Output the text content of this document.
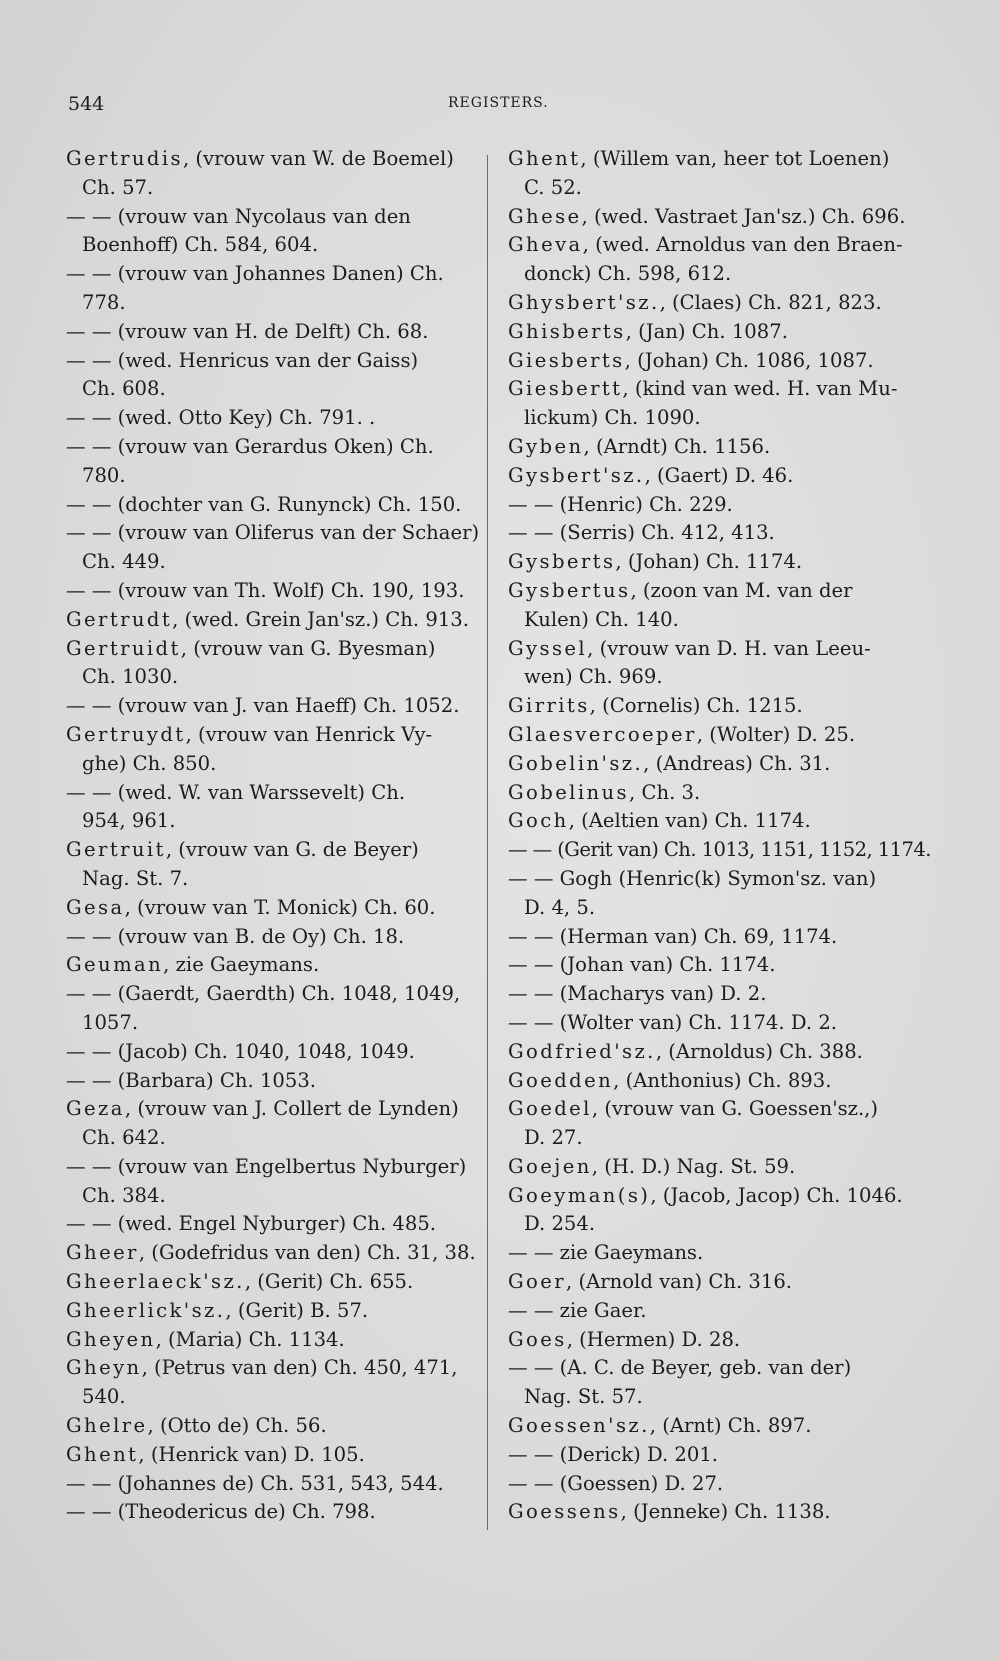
544	REGISTERS.
Gertrudis, (vrouw van W. de Boemel)
Ch. 57.
— — (vrouw van Nycolaus van den
Boenhoff) Ch. 584, 604.
— — (vrouw van Johannes Danen) Ch.
778.
— — (vrouw van H. de Delft) Ch. 68.
— — (wed. Henricus van der Gaiss)
Ch. 608.
— — (wed. Otto Key) Ch. 791. .
— — (vrouw van Gerardus Oken) Ch.
780.
— — (dochter van G. Runynck) Ch. 150.
— — (vrouw van Oliferus van der Schaer)
Ch. 449.
— — (vrouw van Th. Wolf) Ch. 190, 193.
Gertrudt, (wed. Grein Jan'sz.) Ch. 913.
Gertruidt, (vrouw van G. Byesman)
Ch. 1030.
— — (vrouw van J. van Haeff) Ch. 1052.
Gertruydt, (vrouw van Henrick Vy-
ghe) Ch. 850.
— — (wed. W. van Warssevelt) Ch.
954, 961.
Gertruit, (vrouw van G. de Beyer)
Nag. St. 7.
Gesa, (vrouw van T. Monick) Ch. 60.
— — (vrouw van B. de Oy) Ch. 18.
Geuman, zie Gaeymans.
— — (Gaerdt, Gaerdth) Ch. 1048, 1049,
1057.
— — (Jacob) Ch. 1040, 1048, 1049.
— — (Barbara) Ch. 1053.
Geza, (vrouw van J. Collert de Lynden)
Ch. 642.
— — (vrouw van Engelbertus Nyburger)
Ch. 384.
— — (wed. Engel Nyburger) Ch. 485.
Gheer, (Godefridus van den) Ch. 31, 38.
Gheerlaeck'sz., (Gerit) Ch. 655.
Gheerlick'sz., (Gerit) B. 57.
Gheyen, (Maria) Ch. 1134.
Gheyn, (Petrus van den) Ch. 450, 471,
540.
Ghelre, (Otto de) Ch. 56.
Ghent, (Henrick van) D. 105.
— — (Johannes de) Ch. 531, 543, 544.
— — (Theodericus de) Ch. 798.
Ghent, (Willem van, heer tot Loenen)
C. 52.
Ghese, (wed. Vastraet Jan'sz.) Ch. 696.
Gheva, (wed. Arnoldus van den Braen-
donck) Ch. 598, 612.
Ghysbert'sz., (Claes) Ch. 821, 823.
Ghisberts, (Jan) Ch. 1087.
Giesberts, (Johan) Ch. 1086, 1087.
Giesbertt, (kind van wed. H. van Mu-
lickum) Ch. 1090.
Gyben, (Arndt) Ch. 1156.
Gysbert'sz., (Gaert) D. 46.
— — (Henric) Ch. 229.
— — (Serris) Ch. 412, 413.
Gysberts, (Johan) Ch. 1174.
Gysbertus, (zoon van M. van der
Kulen) Ch. 140.
Gyssel, (vrouw van D. H. van Leeu-
wen) Ch. 969.
Girrits, (Cornelis) Ch. 1215.
Glaesvercoeper, (Wolter) D. 25.
Gobelin'sz., (Andreas) Ch. 31.
Gobelinus, Ch. 3.
Goch, (Aeltien van) Ch. 1174.
— — (Gerit van) Ch. 1013, 1151, 1152, 1174.
— — Gogh (Henric(k) Symon'sz. van)
D. 4, 5.
— — (Herman van) Ch. 69, 1174.
— — (Johan van) Ch. 1174.
— — (Macharys van) D. 2.
— — (Wolter van) Ch. 1174. D. 2.
Godfried'sz., (Arnoldus) Ch. 388.
Goedden, (Anthonius) Ch. 893.
Goedel, (vrouw van G. Goessen'sz.,)
D. 27.
Goejen, (H. D.) Nag. St. 59.
Goeyman(s), (Jacob, Jacop) Ch. 1046.
D. 254.
— — zie Gaeymans.
Goer, (Arnold van) Ch. 316.
— — zie Gaer.
Goes, (Hermen) D. 28.
— — (A. C. de Beyer, geb. van der)
Nag. St. 57.
Goessen'sz., (Arnt) Ch. 897.
— — (Derick) D. 201.
— — (Goessen) D. 27.
Goessens, (Jenneke) Ch. 1138.
